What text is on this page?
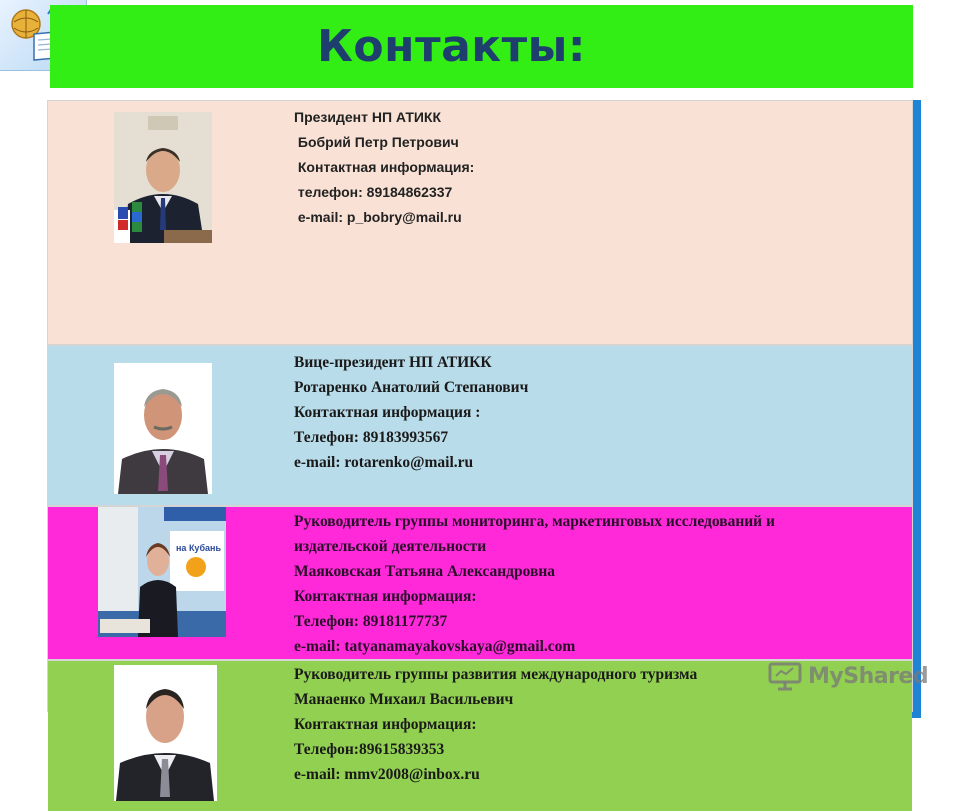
Контакты:
Президент НП АТИКК
Бобрий Петр Петрович
Контактная информация:
телефон: 89184862337
e-mail: p_bobry@mail.ru
Вице-президент НП АТИКК
Ротаренко Анатолий Степанович
Контактная информация :
Телефон: 89183993567
e-mail: rotarenko@mail.ru
на Кубань
Руководитель группы мониторинга, маркетинговых исследований и
издательской деятельности
Маяковская Татьяна Александровна
Контактная информация:
Телефон: 89181177737
e-mail: tatyanamayakovskaya@gmail.com
Руководитель группы развития международного туризма
Манаенко Михаил Васильевич
Контактная информация:
Телефон:89615839353
e-mail: mmv2008@inbox.ru
MyShared
